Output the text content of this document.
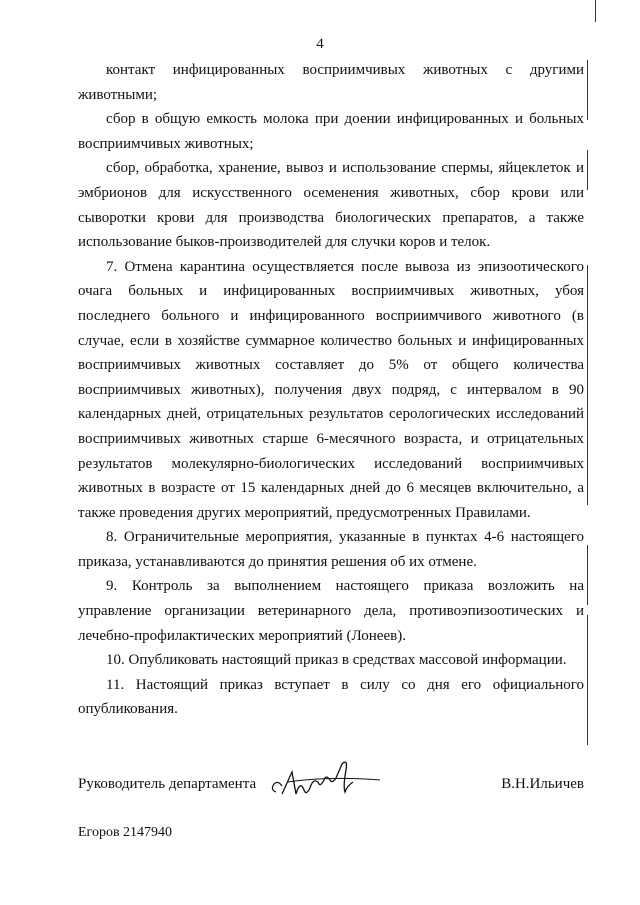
4

контакт инфицированных восприимчивых животных с другими животными;

сбор в общую емкость молока при доении инфицированных и больных восприимчивых животных;

сбор, обработка, хранение, вывоз и использование спермы, яйцеклеток и эмбрионов для искусственного осеменения животных, сбор крови или сыворотки крови для производства биологических препаратов, а также использование быков-производителей для случки коров и телок.

7. Отмена карантина осуществляется после вывоза из эпизоотического очага больных и инфицированных восприимчивых животных, убоя последнего больного и инфицированного восприимчивого животного (в случае, если в хозяйстве суммарное количество больных и инфицированных восприимчивых животных составляет до 5% от общего количества восприимчивых животных), получения двух подряд, с интервалом в 90 календарных дней, отрицательных результатов серологических исследований восприимчивых животных старше 6-месячного возраста, и отрицательных результатов молекулярно-биологических исследований восприимчивых животных в возрасте от 15 календарных дней до 6 месяцев включительно, а также проведения других мероприятий, предусмотренных Правилами.

8. Ограничительные мероприятия, указанные в пунктах 4-6 настоящего приказа, устанавливаются до принятия решения об их отмене.

9. Контроль за выполнением настоящего приказа возложить на управление организации ветеринарного дела, противоэпизоотических и лечебно-профилактических мероприятий (Лонеев).

10. Опубликовать настоящий приказ в средствах массовой информации.

11. Настоящий приказ вступает в силу со дня его официального опубликования.

Руководитель департамента	В.Н.Ильичев
Егоров 2147940
